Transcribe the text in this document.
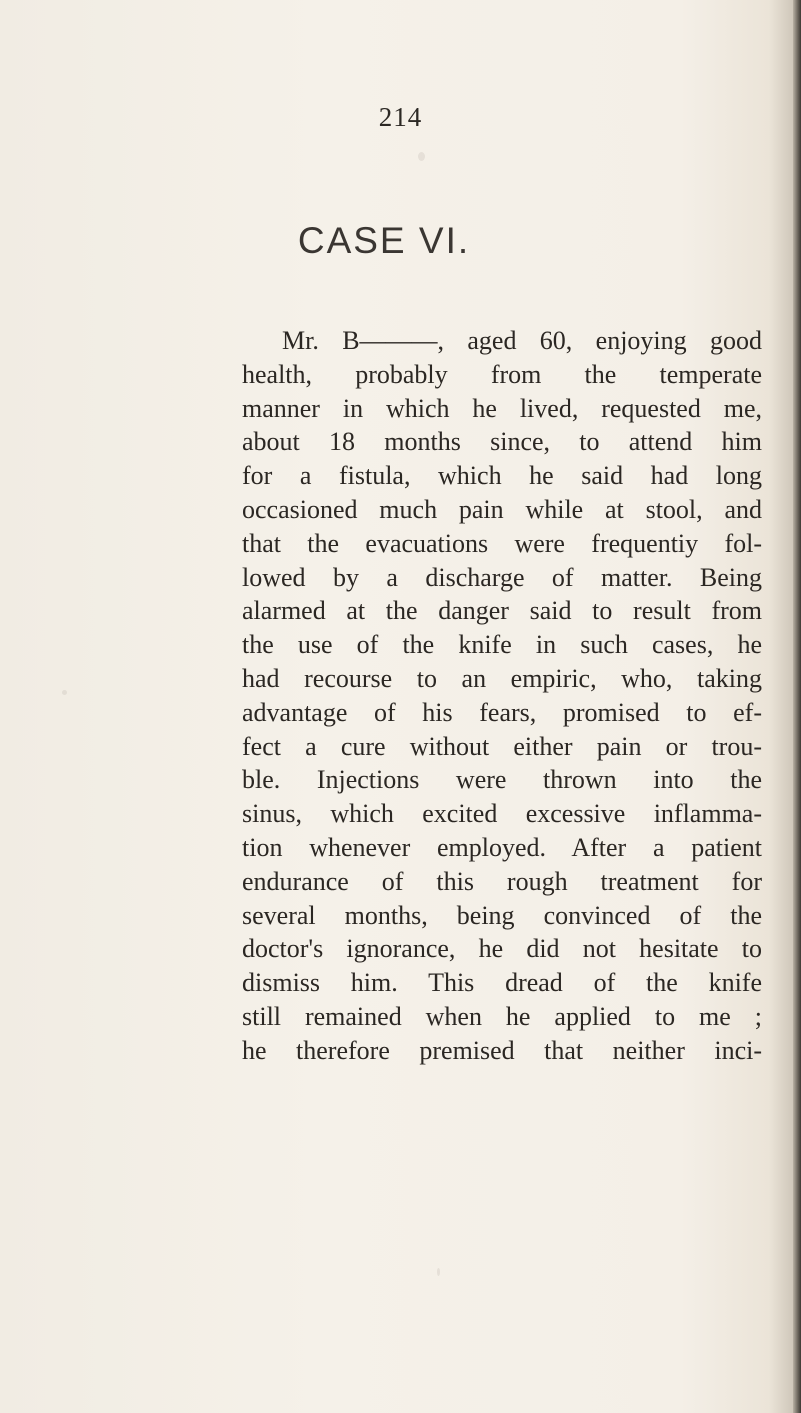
214
CASE VI.
Mr. B———, aged 60, enjoying good
health, probably from the temperate
manner in which he lived, requested me,
about 18 months since, to attend him
for a fistula, which he said had long
occasioned much pain while at stool, and
that the evacuations were frequentiy fol-
lowed by a discharge of matter. Being
alarmed at the danger said to result from
the use of the knife in such cases, he
had recourse to an empiric, who, taking
advantage of his fears, promised to ef-
fect a cure without either pain or trou-
ble. Injections were thrown into the
sinus, which excited excessive inflamma-
tion whenever employed. After a patient
endurance of this rough treatment for
several months, being convinced of the
doctor's ignorance, he did not hesitate to
dismiss him. This dread of the knife
still remained when he applied to me ;
he therefore premised that neither inci-
